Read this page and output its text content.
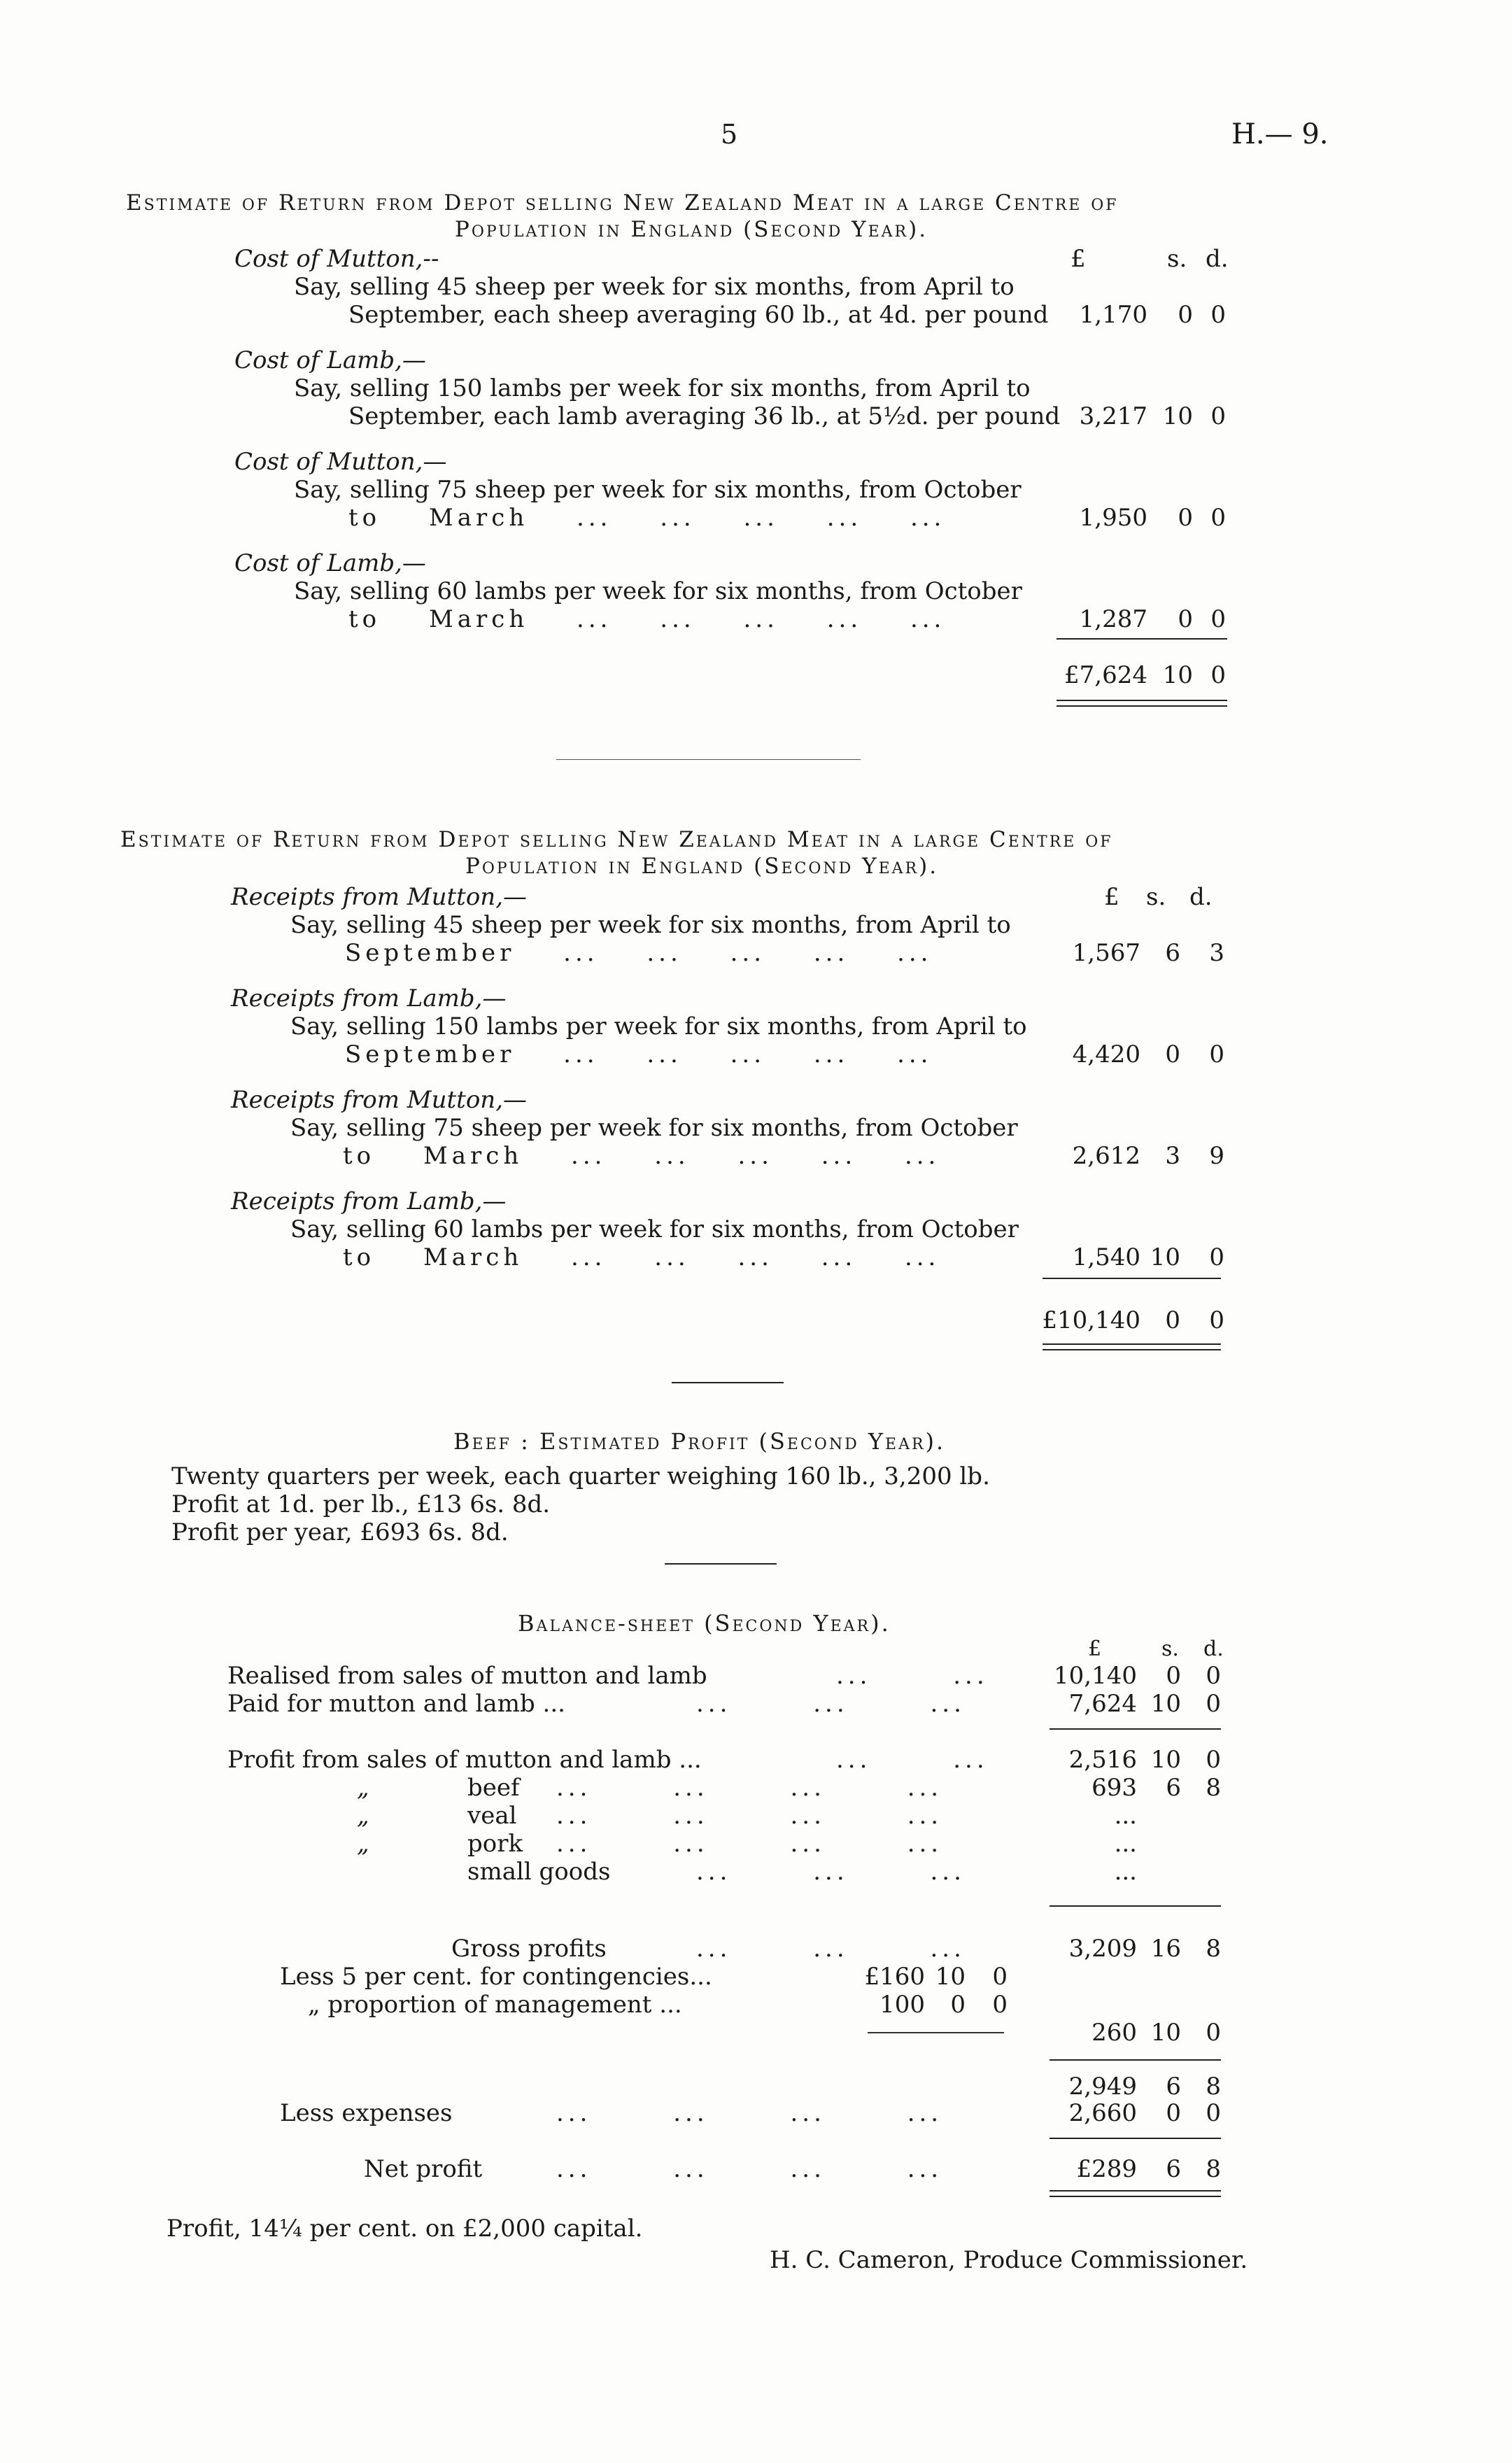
5	H.— 9.
Estimate of Return from Depot selling New Zealand Meat in a large Centre of
Population in England (Second Year).
£	s. d.
Cost of Mutton,--
Say, selling 45 sheep per week for six months, from April to
September, each sheep averaging 60 lb., at 4d. per pound	1,170	0 0
Cost of Lamb,—
Say, selling 150 lambs per week for six months, from April to
September, each lamb averaging 36 lb., at 5½d. per pound 3,217 10 0
Cost of Mutton,—
Say, selling 75 sheep per week for six months, from October
to March ... ... ... ... ...	1,950	0 0
Cost of Lamb,—
Say, selling 60 lambs per week for six months, from October
to March ... ... ... ... ...	1,287	0 0
£7,624 10 0
Estimate of Return from Depot selling New Zealand Meat in a large Centre of
Population in England (Second Year).
£ s. d.
Receipts from Mutton,—
Say, selling 45 sheep per week for six months, from April to
September ... ... ... ... ...	1,567	6	3
Receipts from Lamb,—
Say, selling 150 lambs per week for six months, from April to
September ... ... ... ... ...	4,420	0	0
Receipts from Mutton,—
Say, selling 75 sheep per week for six months, from October
to March ... ... ... ... ...	2,612	3	9
Receipts from Lamb,—
Say, selling 60 lambs per week for six months, from October
to March ... ... ... ... ...	1,540 10	0
£10,140	0	0
Beef : Estimated Profit (Second Year).
Twenty quarters per week, each quarter weighing 160 lb., 3,200 lb.
Profit at 1d. per lb., £13 6s. 8d.
Profit per year, £693 6s. 8d.
Balance-sheet (Second Year).
£	s. d.
Realised from sales of mutton and lamb	... ...	10,140	0	0
Paid for mutton and lamb ...	... ... ...	7,624 10	0
Profit from sales of mutton and lamb ...	... ...	2,516 10	0
„	beef ... ... ... ...	693	6	8
„	veal ... ... ... ...	...
„	pork ... ... ... ...	...
small goods	... ... ...	...
Gross profits	... ... ...	3,209 16	8
Less 5 per cent. for contingencies...	£160 10	0
„ proportion of management ...	100	0	0
260 10	0
2,949	6	8
Less expenses	... ... ... ...	2,660	0	0
Net profit	... ... ... ...	£289	6	8
Profit, 14¼ per cent. on £2,000 capital.
H. C. Cameron, Produce Commissioner.
